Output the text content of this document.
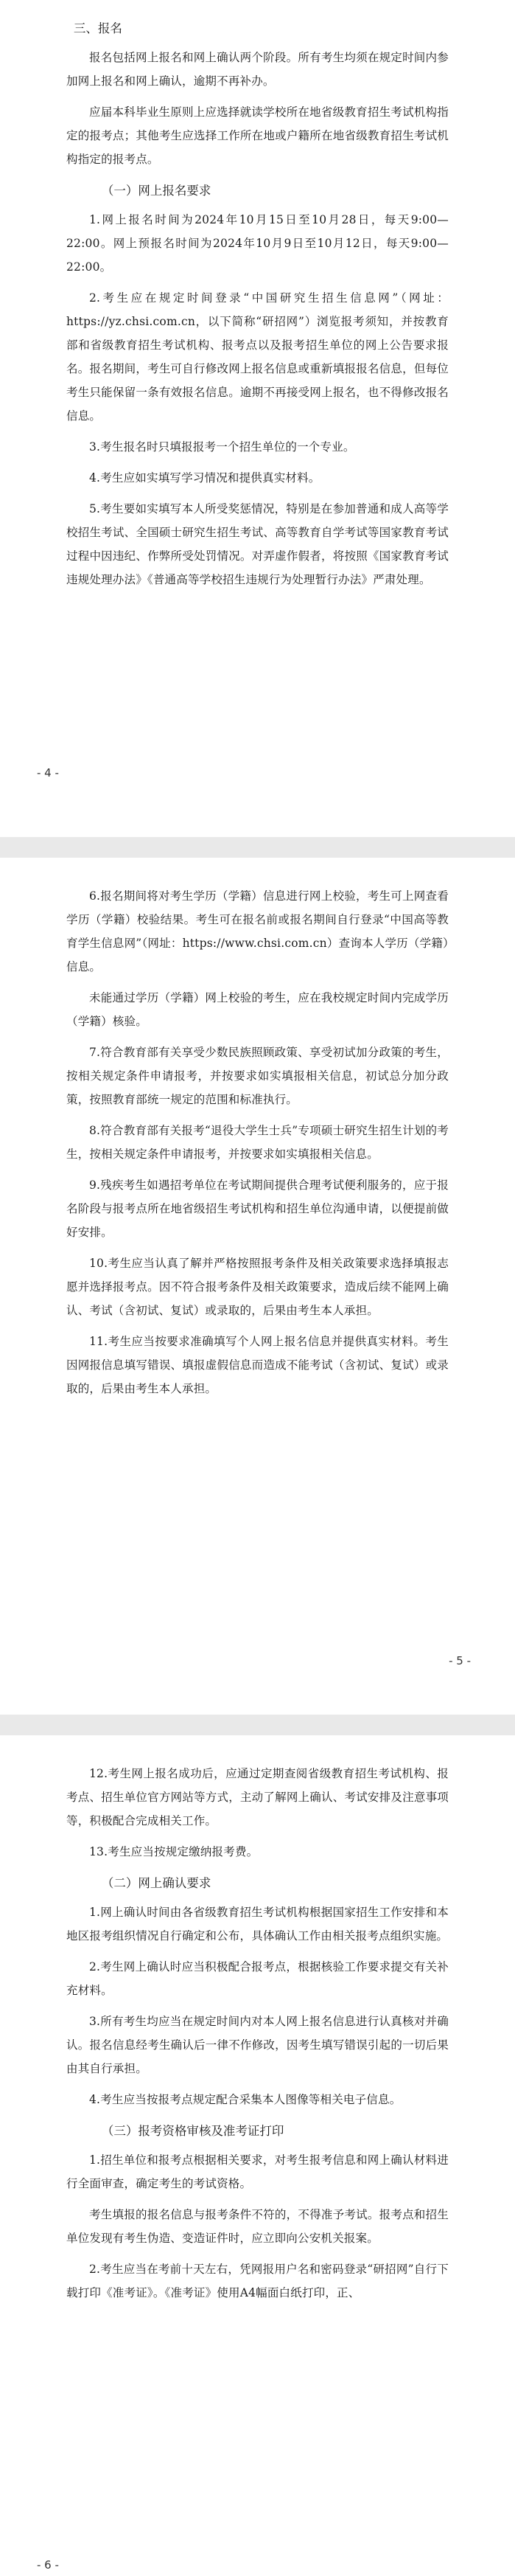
三、报名
报名包括网上报名和网上确认两个阶段。所有考生均须在规定时间内参加网上报名和网上确认，逾期不再补办。
应届本科毕业生原则上应选择就读学校所在地省级教育招生考试机构指定的报考点；其他考生应选择工作所在地或户籍所在地省级教育招生考试机构指定的报考点。
（一）网上报名要求
1.网上报名时间为2024年10月15日至10月28日，每天9:00—22:00。网上预报名时间为2024年10月9日至10月12日，每天9:00—22:00。
2.考生应在规定时间登录“中国研究生招生信息网”（网址：https://yz.chsi.com.cn，以下简称“研招网”）浏览报考须知，并按教育部和省级教育招生考试机构、报考点以及报考招生单位的网上公告要求报名。报名期间，考生可自行修改网上报名信息或重新填报报名信息，但每位考生只能保留一条有效报名信息。逾期不再接受网上报名，也不得修改报名信息。
3.考生报名时只填报报考一个招生单位的一个专业。
4.考生应如实填写学习情况和提供真实材料。
5.考生要如实填写本人所受奖惩情况，特别是在参加普通和成人高等学校招生考试、全国硕士研究生招生考试、高等教育自学考试等国家教育考试过程中因违纪、作弊所受处罚情况。对弄虚作假者，将按照《国家教育考试违规处理办法》《普通高等学校招生违规行为处理暂行办法》严肃处理。
- 4 -
6.报名期间将对考生学历（学籍）信息进行网上校验，考生可上网查看学历（学籍）校验结果。考生可在报名前或报名期间自行登录“中国高等教育学生信息网”（网址：https://www.chsi.com.cn）查询本人学历（学籍）信息。
未能通过学历（学籍）网上校验的考生，应在我校规定时间内完成学历（学籍）核验。
7.符合教育部有关享受少数民族照顾政策、享受初试加分政策的考生，按相关规定条件申请报考，并按要求如实填报相关信息，初试总分加分政策，按照教育部统一规定的范围和标准执行。
8.符合教育部有关报考“退役大学生士兵”专项硕士研究生招生计划的考生，按相关规定条件申请报考，并按要求如实填报相关信息。
9.残疾考生如遇招考单位在考试期间提供合理考试便利服务的，应于报名阶段与报考点所在地省级招生考试机构和招生单位沟通申请，以便提前做好安排。
10.考生应当认真了解并严格按照报考条件及相关政策要求选择填报志愿并选择报考点。因不符合报考条件及相关政策要求，造成后续不能网上确认、考试（含初试、复试）或录取的，后果由考生本人承担。
11.考生应当按要求准确填写个人网上报名信息并提供真实材料。考生因网报信息填写错误、填报虚假信息而造成不能考试（含初试、复试）或录取的，后果由考生本人承担。
- 5 -
12.考生网上报名成功后，应通过定期查阅省级教育招生考试机构、报考点、招生单位官方网站等方式，主动了解网上确认、考试安排及注意事项等，积极配合完成相关工作。
13.考生应当按规定缴纳报考费。
（二）网上确认要求
1.网上确认时间由各省级教育招生考试机构根据国家招生工作安排和本地区报考组织情况自行确定和公布，具体确认工作由相关报考点组织实施。
2.考生网上确认时应当积极配合报考点，根据核验工作要求提交有关补充材料。
3.所有考生均应当在规定时间内对本人网上报名信息进行认真核对并确认。报名信息经考生确认后一律不作修改，因考生填写错误引起的一切后果由其自行承担。
4.考生应当按报考点规定配合采集本人图像等相关电子信息。
（三）报考资格审核及准考证打印
1.招生单位和报考点根据相关要求，对考生报考信息和网上确认材料进行全面审查，确定考生的考试资格。
考生填报的报名信息与报考条件不符的，不得准予考试。报考点和招生单位发现有考生伪造、变造证件时，应立即向公安机关报案。
2.考生应当在考前十天左右，凭网报用户名和密码登录“研招网”自行下载打印《准考证》。《准考证》使用A4幅面白纸打印，正、
- 6 -
